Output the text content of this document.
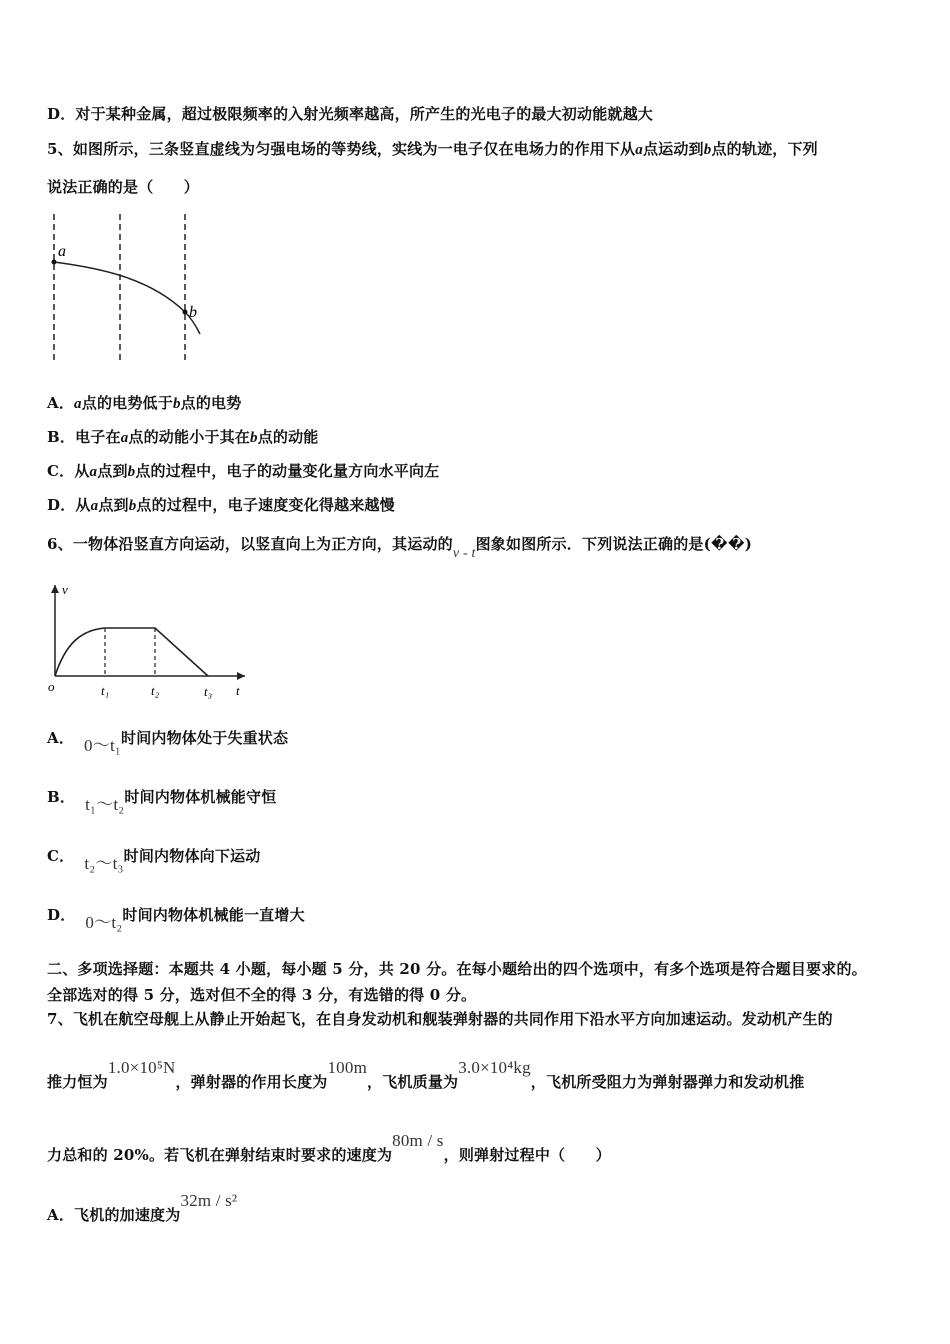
D．对于某种金属，超过极限频率的入射光频率越高，所产生的光电子的最大初动能就越大
5、如图所示，三条竖直虚线为匀强电场的等势线，实线为一电子仅在电场力的作用下从a点运动到b点的轨迹，下列
说法正确的是（　　）
a
b
A．a点的电势低于b点的电势
B．电子在a点的动能小于其在b点的动能
C．从a点到b点的过程中，电子的动量变化量方向水平向左
D．从a点到b点的过程中，电子速度变化得越来越慢
6、一物体沿竖直方向运动，以竖直向上为正方向，其运动的v - t图象如图所示．下列说法正确的是(��)
v
o	t₁	t₂	t₃ t
A． 0～t₁时间内物体处于失重状态
B． t₁～t₂时间内物体机械能守恒
C． t₂～t₃时间内物体向下运动
D． 0～t₂时间内物体机械能一直增大
二、多项选择题：本题共 4 小题，每小题 5 分，共 20 分。在每小题给出的四个选项中，有多个选项是符合题目要求的。
全部选对的得 5 分，选对但不全的得 3 分，有选错的得 0 分。
7、飞机在航空母舰上从静止开始起飞，在自身发动机和舰装弹射器的共同作用下沿水平方向加速运动。发动机产生的
推力恒为1.0×10⁵N，弹射器的作用长度为100m，飞机质量为3.0×10⁴kg，飞机所受阻力为弹射器弹力和发动机推
力总和的 20%。若飞机在弹射结束时要求的速度为80m / s，则弹射过程中（　　）
A．飞机的加速度为32m / s²
